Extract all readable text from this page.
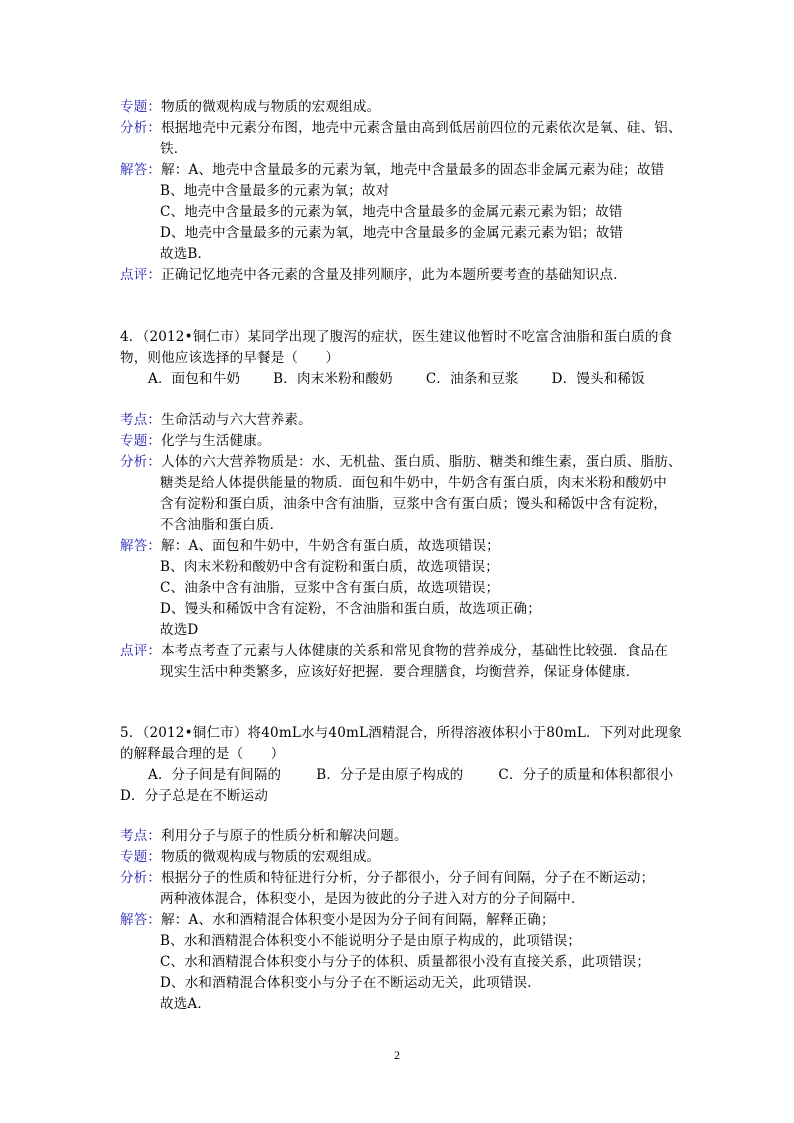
专题：物质的微观构成与物质的宏观组成。
分析：根据地壳中元素分布图，地壳中元素含量由高到低居前四位的元素依次是氧、硅、铝、
铁．
解答：解：A、地壳中含量最多的元素为氧，地壳中含量最多的固态非金属元素为硅；故错
B、地壳中含量最多的元素为氧；故对
C、地壳中含量最多的元素为氧，地壳中含量最多的金属元素元素为铝；故错
D、地壳中含量最多的元素为氧，地壳中含量最多的金属元素元素为铝；故错
故选B．
点评：正确记忆地壳中各元素的含量及排列顺序，此为本题所要考查的基础知识点．
4．（2012•铜仁市）某同学出现了腹泻的症状，医生建议他暂时不吃富含油脂和蛋白质的食
物，则他应该选择的早餐是（　　）
A．面包和牛奶 B．肉末米粉和酸奶 C．油条和豆浆 D．馒头和稀饭
考点：生命活动与六大营养素。
专题：化学与生活健康。
分析：人体的六大营养物质是：水、无机盐、蛋白质、脂肪、糖类和维生素，蛋白质、脂肪、
糖类是给人体提供能量的物质．面包和牛奶中，牛奶含有蛋白质，肉末米粉和酸奶中
含有淀粉和蛋白质，油条中含有油脂，豆浆中含有蛋白质；馒头和稀饭中含有淀粉，
不含油脂和蛋白质．
解答：解：A、面包和牛奶中，牛奶含有蛋白质，故选项错误；
B、肉末米粉和酸奶中含有淀粉和蛋白质，故选项错误；
C、油条中含有油脂，豆浆中含有蛋白质，故选项错误；
D、馒头和稀饭中含有淀粉，不含油脂和蛋白质，故选项正确；
故选D
点评：本考点考查了元素与人体健康的关系和常见食物的营养成分，基础性比较强．食品在
现实生活中种类繁多，应该好好把握．要合理膳食，均衡营养，保证身体健康．
5．（2012•铜仁市）将40mL水与40mL酒精混合，所得溶液体积小于80mL．下列对此现象
的解释最合理的是（　　）
A．分子间是有间隔的	B．分子是由原子构成的	C．分子的质量和体积都很小
D．分子总是在不断运动
考点：利用分子与原子的性质分析和解决问题。
专题：物质的微观构成与物质的宏观组成。
分析：根据分子的性质和特征进行分析，分子都很小，分子间有间隔，分子在不断运动；
两种液体混合，体积变小，是因为彼此的分子进入对方的分子间隔中．
解答：解：A、水和酒精混合体积变小是因为分子间有间隔，解释正确；
B、水和酒精混合体积变小不能说明分子是由原子构成的，此项错误；
C、水和酒精混合体积变小与分子的体积、质量都很小没有直接关系，此项错误；
D、水和酒精混合体积变小与分子在不断运动无关，此项错误．
故选A．
2
